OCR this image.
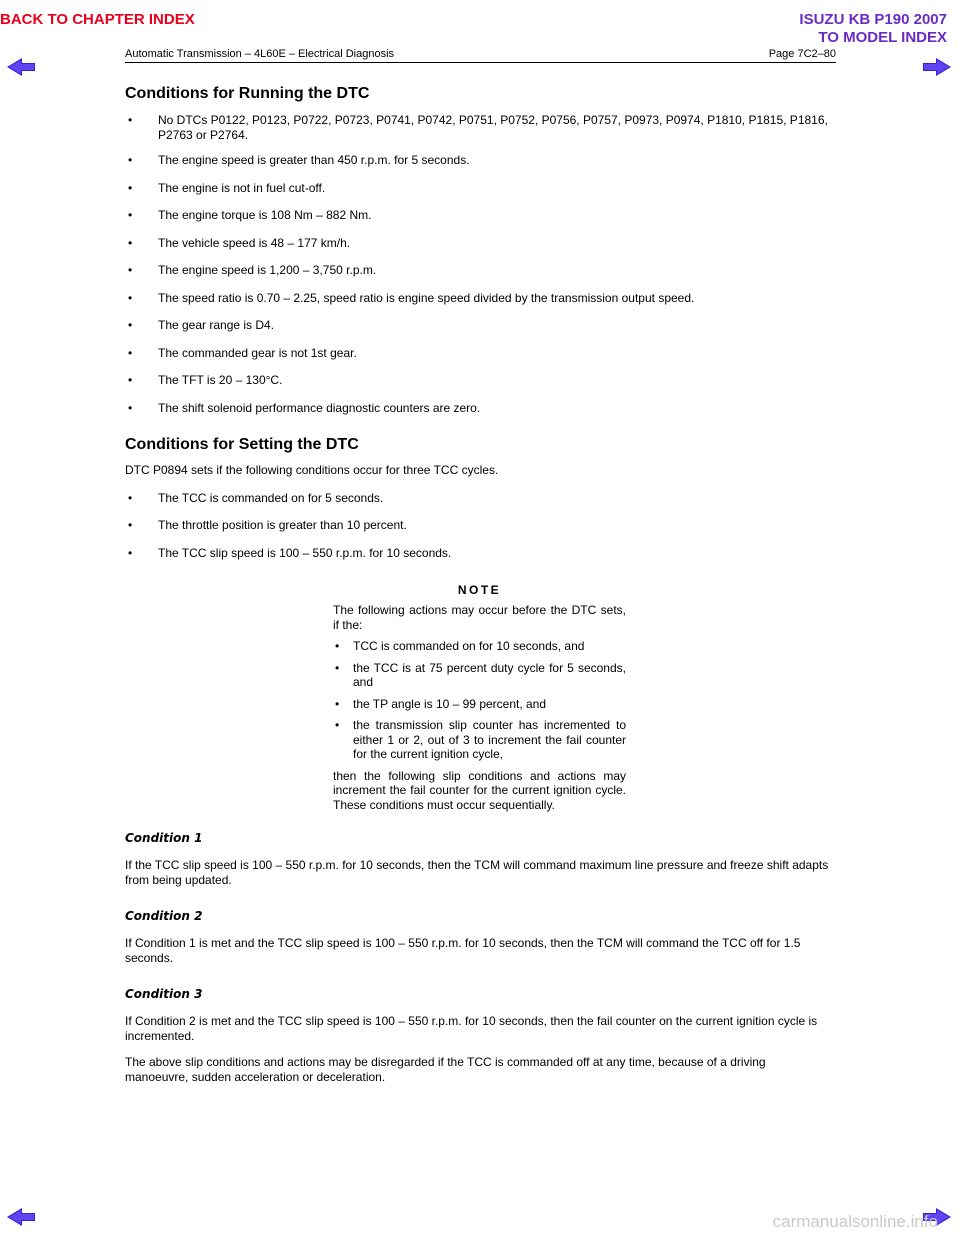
BACK TO CHAPTER INDEX	ISUZU KB P190 2007
TO MODEL INDEX
Automatic Transmission – 4L60E – Electrical Diagnosis	Page 7C2–80
Conditions for Running the DTC
• No DTCs P0122, P0123, P0722, P0723, P0741, P0742, P0751, P0752, P0756, P0757, P0973, P0974, P1810, P1815, P1816, P2763 or P2764.
• The engine speed is greater than 450 r.p.m. for 5 seconds.
• The engine is not in fuel cut-off.
• The engine torque is 108 Nm – 882 Nm.
• The vehicle speed is 48 – 177 km/h.
• The engine speed is 1,200 – 3,750 r.p.m.
• The speed ratio is 0.70 – 2.25, speed ratio is engine speed divided by the transmission output speed.
• The gear range is D4.
• The commanded gear is not 1st gear.
• The TFT is 20 – 130°C.
• The shift solenoid performance diagnostic counters are zero.
Conditions for Setting the DTC

DTC P0894 sets if the following conditions occur for three TCC cycles.

• The TCC is commanded on for 5 seconds.
• The throttle position is greater than 10 percent.
• The TCC slip speed is 100 – 550 r.p.m. for 10 seconds.
NOTE

The following actions may occur before the DTC sets, if the:

• TCC is commanded on for 10 seconds, and
• the TCC is at 75 percent duty cycle for 5 seconds, and
• the TP angle is 10 – 99 percent, and
• the transmission slip counter has incremented to either 1 or 2, out of 3 to increment the fail counter for the current ignition cycle,

then the following slip conditions and actions may increment the fail counter for the current ignition cycle. These conditions must occur sequentially.

Condition 1

If the TCC slip speed is 100 – 550 r.p.m. for 10 seconds, then the TCM will command maximum line pressure and freeze shift adapts from being updated.

Condition 2

If Condition 1 is met and the TCC slip speed is 100 – 550 r.p.m. for 10 seconds, then the TCM will command the TCC off for 1.5 seconds.

Condition 3

If Condition 2 is met and the TCC slip speed is 100 – 550 r.p.m. for 10 seconds, then the fail counter on the current ignition cycle is incremented.

The above slip conditions and actions may be disregarded if the TCC is commanded off at any time, because of a driving manoeuvre, sudden acceleration or deceleration.

carmanualsonline.info
